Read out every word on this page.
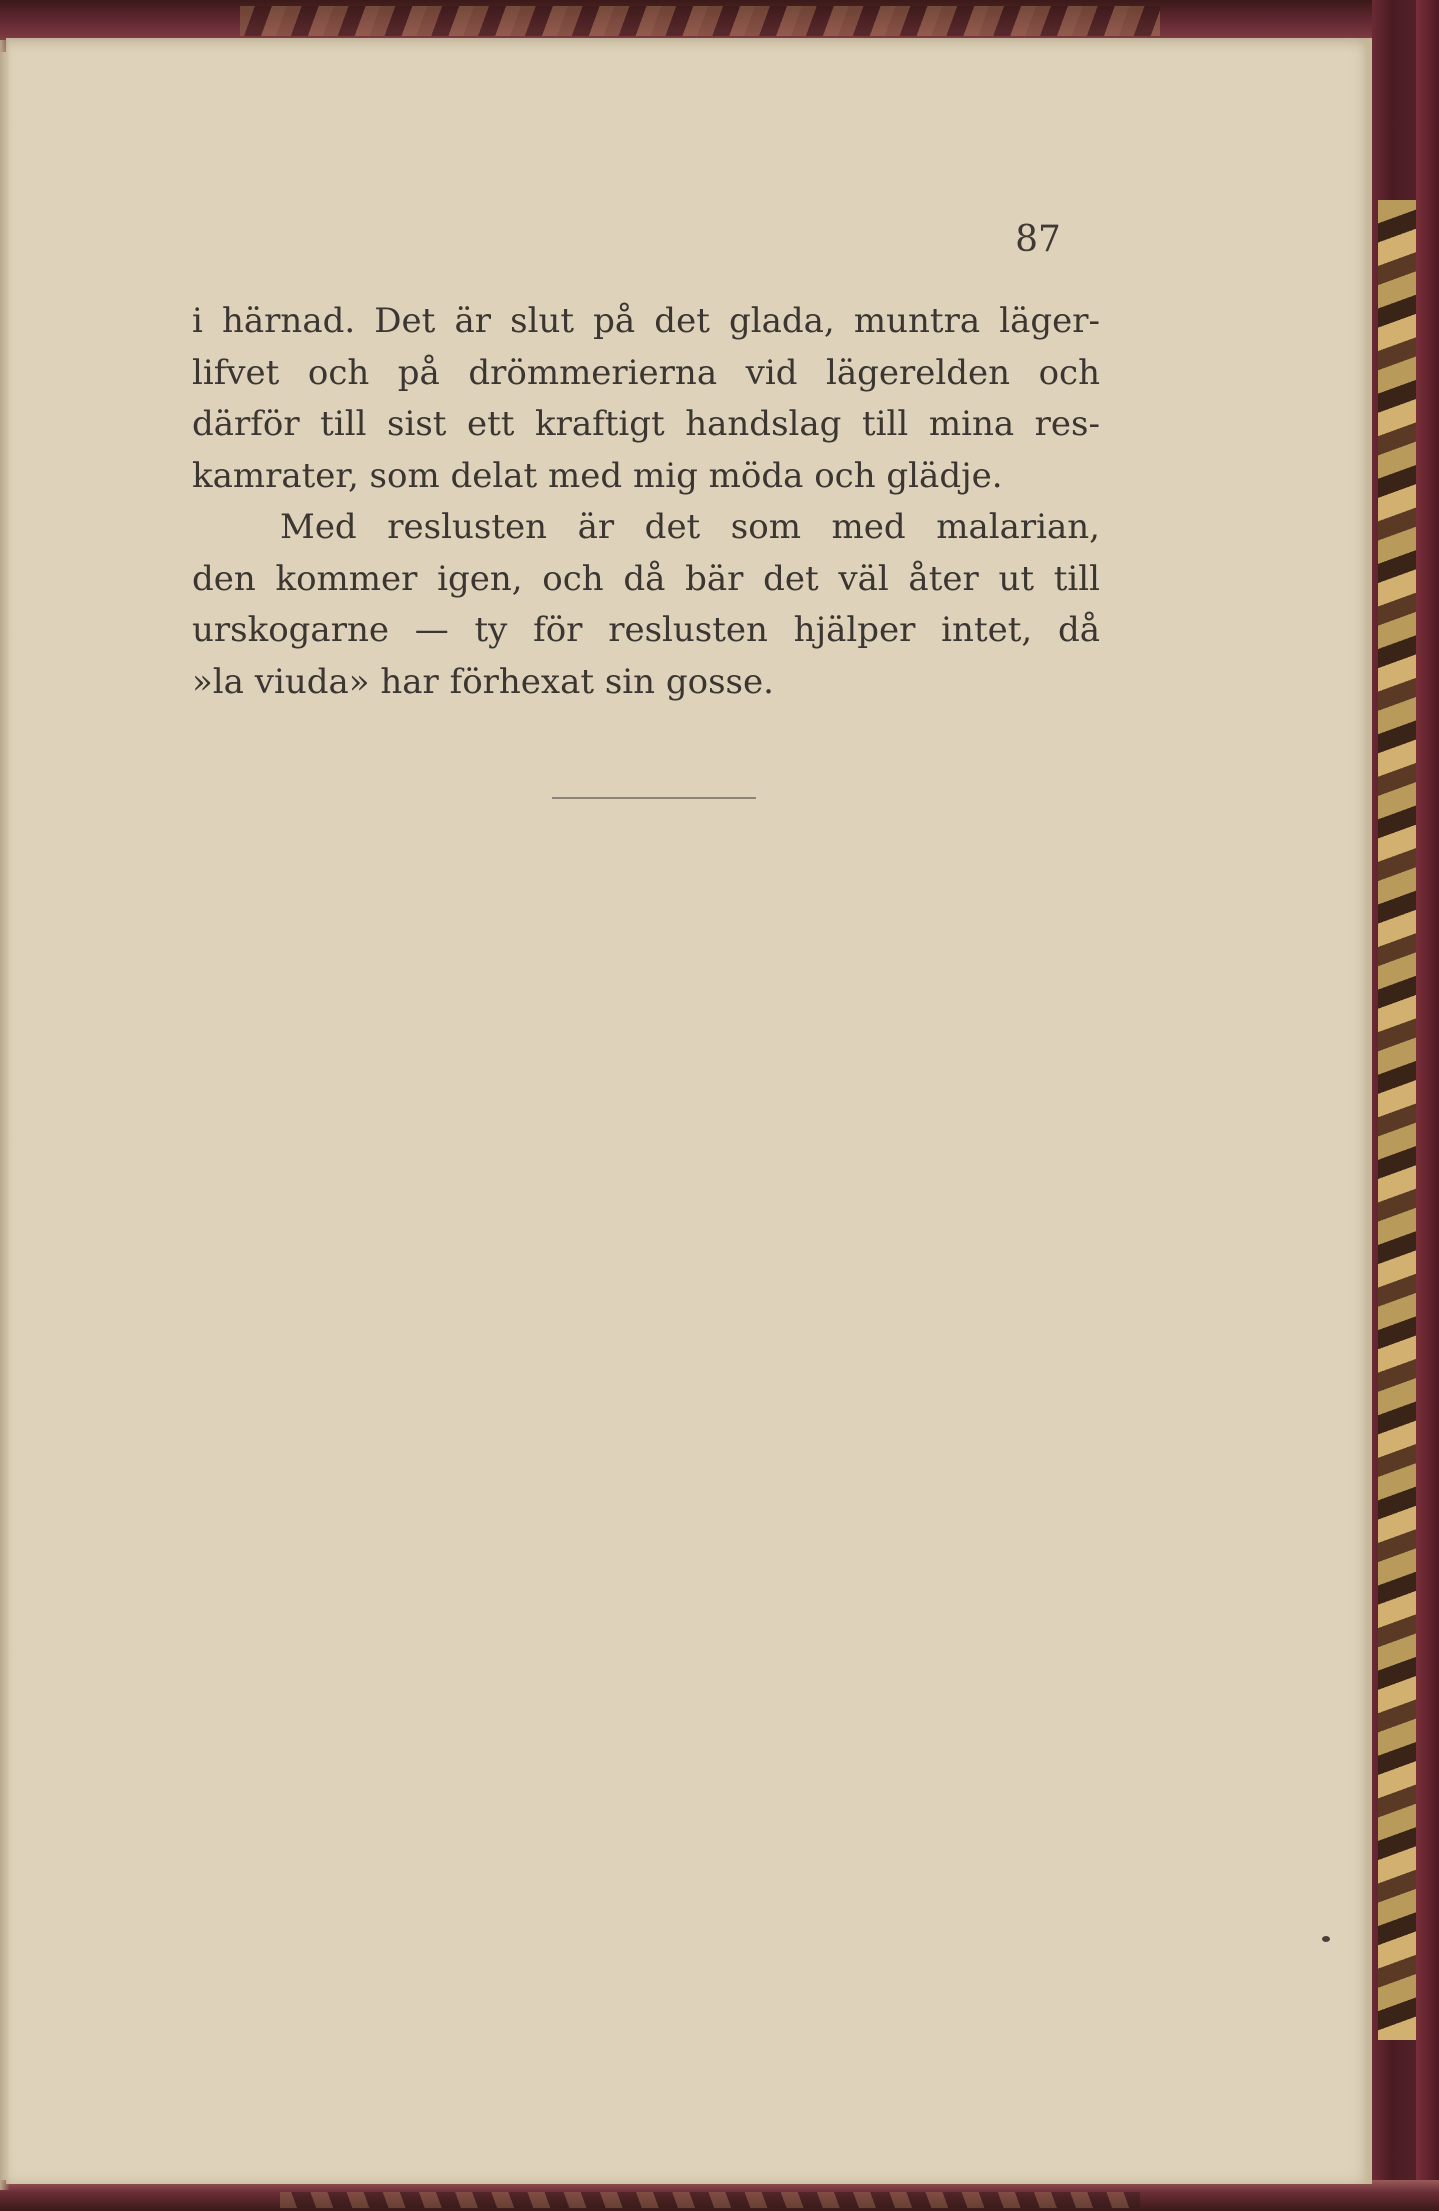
87
i härnad. Det är slut på det glada, muntra läger-
lifvet och på drömmerierna vid lägerelden och
därför till sist ett kraftigt handslag till mina res-
kamrater, som delat med mig möda och glädje.
Med reslusten är det som med malarian,
den kommer igen, och då bär det väl åter ut till
urskogarne — ty för reslusten hjälper intet, då
»la viuda» har förhexat sin gosse.
